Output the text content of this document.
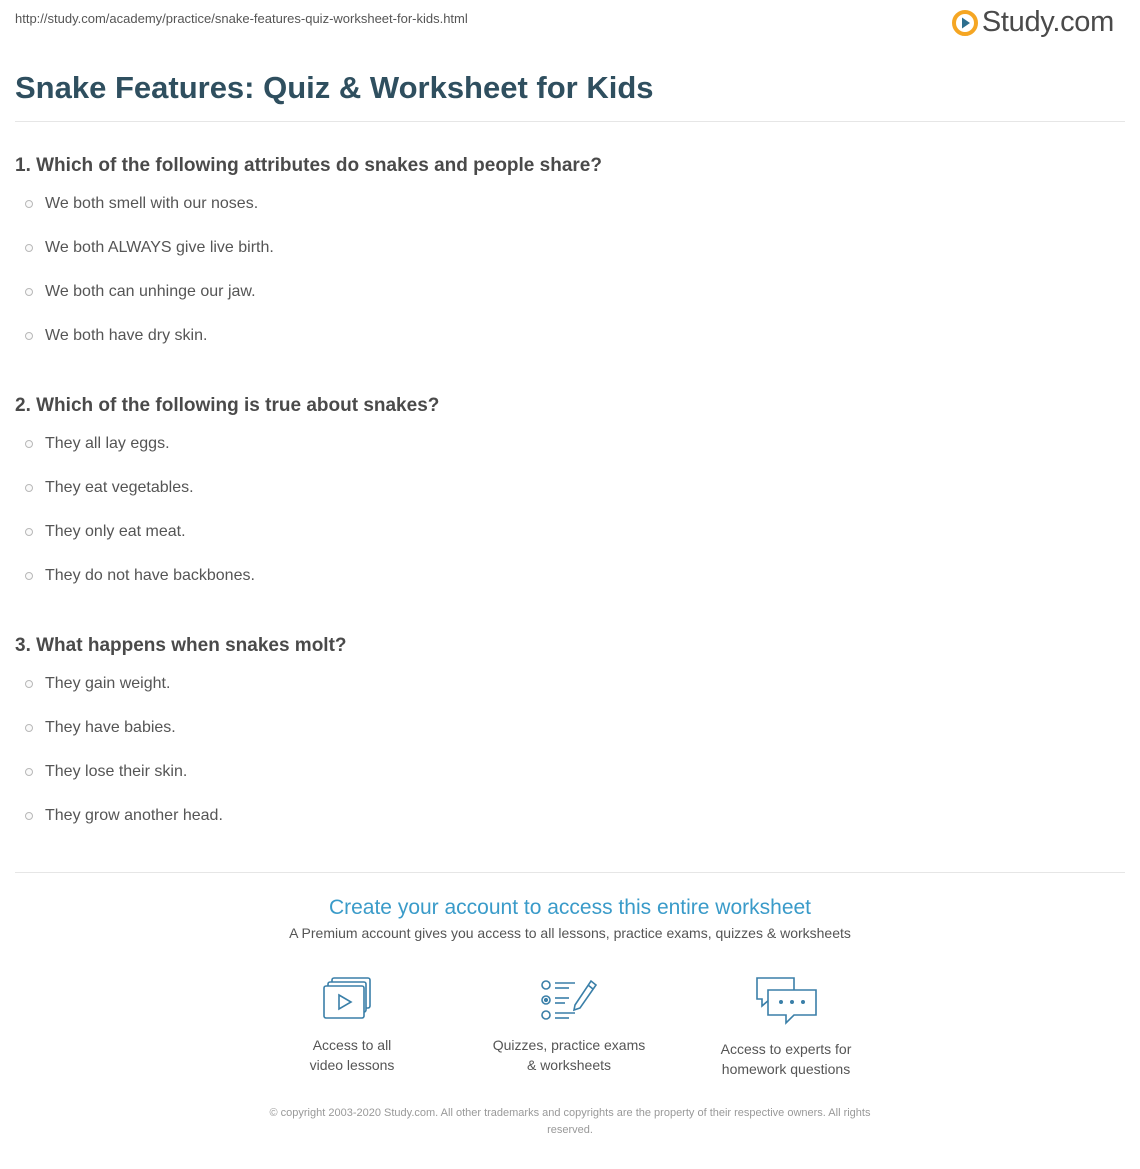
http://study.com/academy/practice/snake-features-quiz-worksheet-for-kids.html	Study.com
Snake Features: Quiz & Worksheet for Kids
1. Which of the following attributes do snakes and people share?
We both smell with our noses.
We both ALWAYS give live birth.
We both can unhinge our jaw.
We both have dry skin.
2. Which of the following is true about snakes?
They all lay eggs.
They eat vegetables.
They only eat meat.
They do not have backbones.
3. What happens when snakes molt?
They gain weight.
They have babies.
They lose their skin.
They grow another head.

Create your account to access this entire worksheet

A Premium account gives you access to all lessons, practice exams, quizzes & worksheets

Access to all
video lessons
Quizzes, practice exams
& worksheets
Access to experts for
homework questions
© copyright 2003-2020 Study.com. All other trademarks and copyrights are the property of their respective owners. All rights
reserved.
